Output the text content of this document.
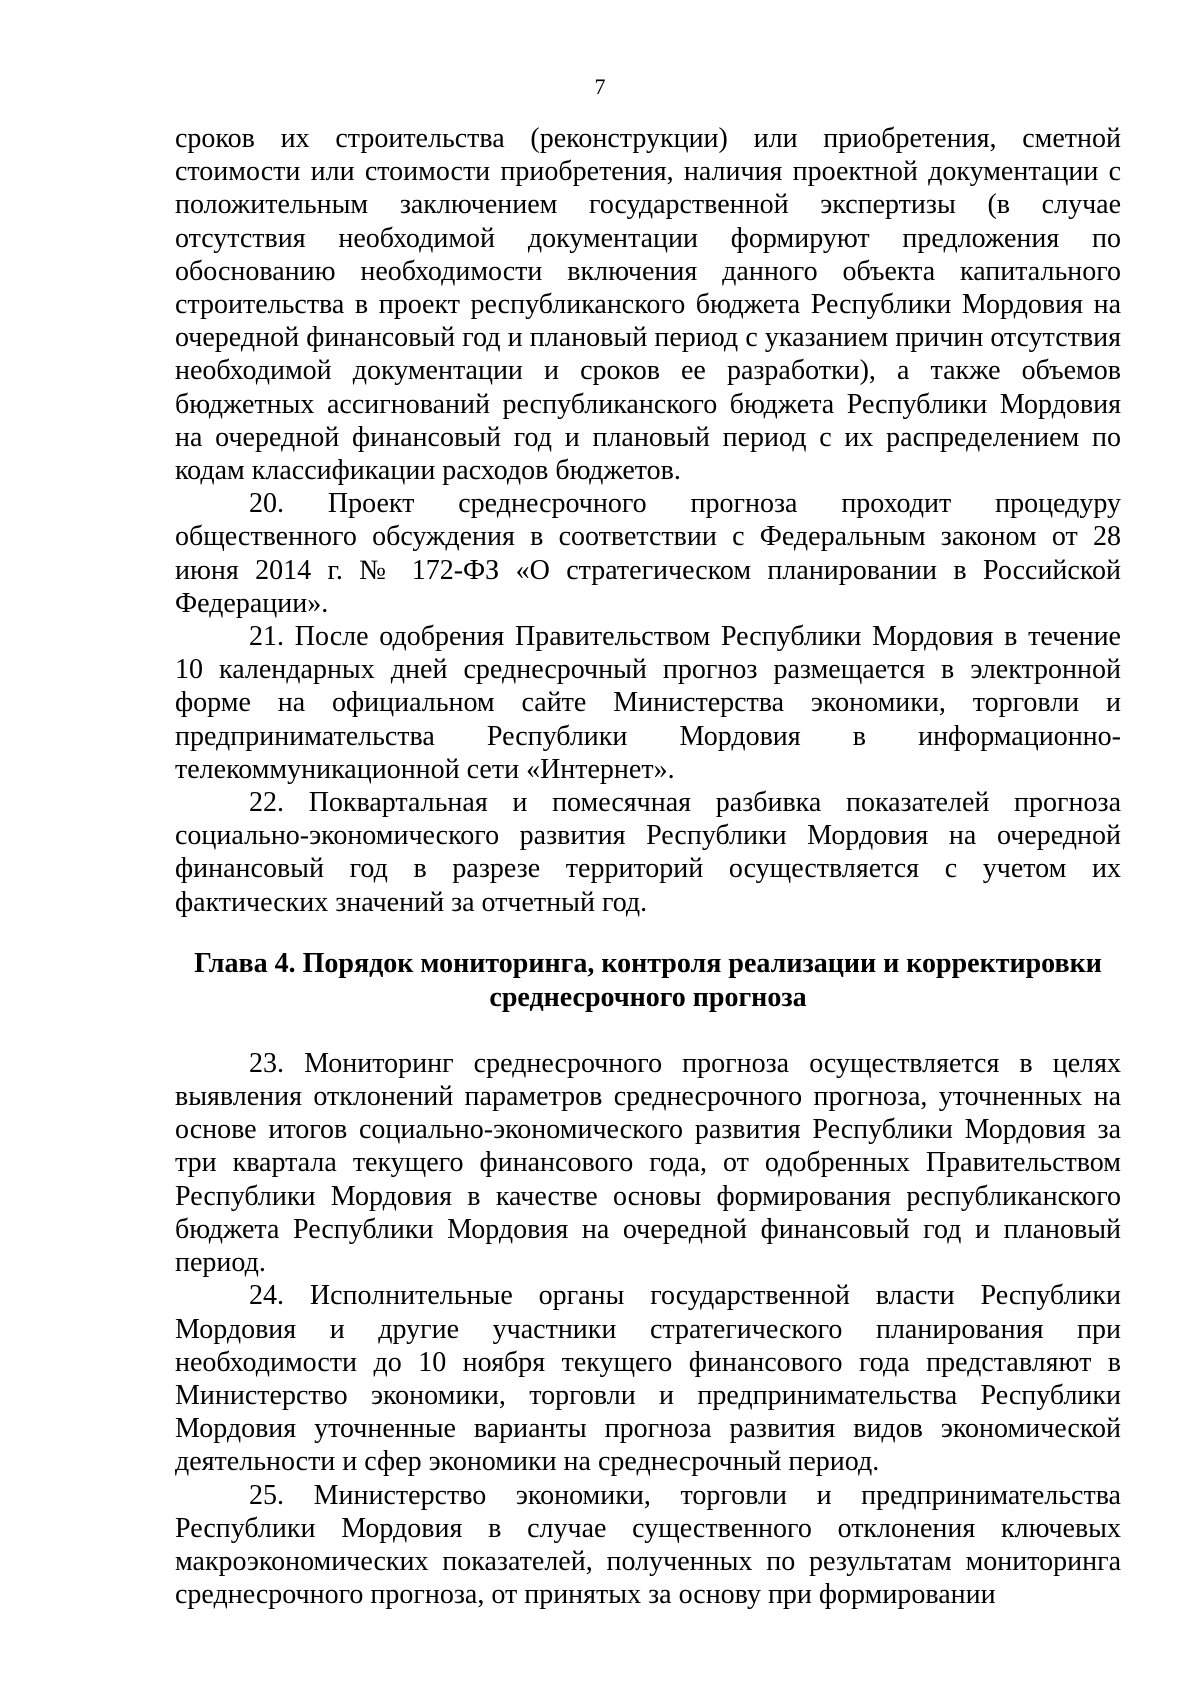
7

сроков их строительства (реконструкции) или приобретения, сметной стоимости или стоимости приобретения, наличия проектной документации с положительным заключением государственной экспертизы (в случае отсутствия необходимой документации формируют предложения по обоснованию необходимости включения данного объекта капитального строительства в проект республиканского бюджета Республики Мордовия на очередной финансовый год и плановый период с указанием причин отсутствия необходимой документации и сроков ее разработки), а также объемов бюджетных ассигнований республиканского бюджета Республики Мордовия на очередной финансовый год и плановый период с их распределением по кодам классификации расходов бюджетов.

20. Проект среднесрочного прогноза проходит процедуру общественного обсуждения в соответствии с Федеральным законом от 28 июня 2014 г. № 172-ФЗ «О стратегическом планировании в Российской Федерации».

21. После одобрения Правительством Республики Мордовия в течение 10 календарных дней среднесрочный прогноз размещается в электронной форме на официальном сайте Министерства экономики, торговли и предпринимательства Республики Мордовия в информационно-телекоммуникационной сети «Интернет».

22. Поквартальная и помесячная разбивка показателей прогноза социально-экономического развития Республики Мордовия на очередной финансовый год в разрезе территорий осуществляется с учетом их фактических значений за отчетный год.

Глава 4. Порядок мониторинга, контроля реализации и корректировки
среднесрочного прогноза

23. Мониторинг среднесрочного прогноза осуществляется в целях выявления отклонений параметров среднесрочного прогноза, уточненных на основе итогов социально-экономического развития Республики Мордовия за три квартала текущего финансового года, от одобренных Правительством Республики Мордовия в качестве основы формирования республиканского бюджета Республики Мордовия на очередной финансовый год и плановый период.

24. Исполнительные органы государственной власти Республики Мордовия и другие участники стратегического планирования при необходимости до 10 ноября текущего финансового года представляют в Министерство экономики, торговли и предпринимательства Республики Мордовия уточненные варианты прогноза развития видов экономической деятельности и сфер экономики на среднесрочный период.

25. Министерство экономики, торговли и предпринимательства Республики Мордовия в случае существенного отклонения ключевых макроэкономических показателей, полученных по результатам мониторинга среднесрочного прогноза, от принятых за основу при формировании
